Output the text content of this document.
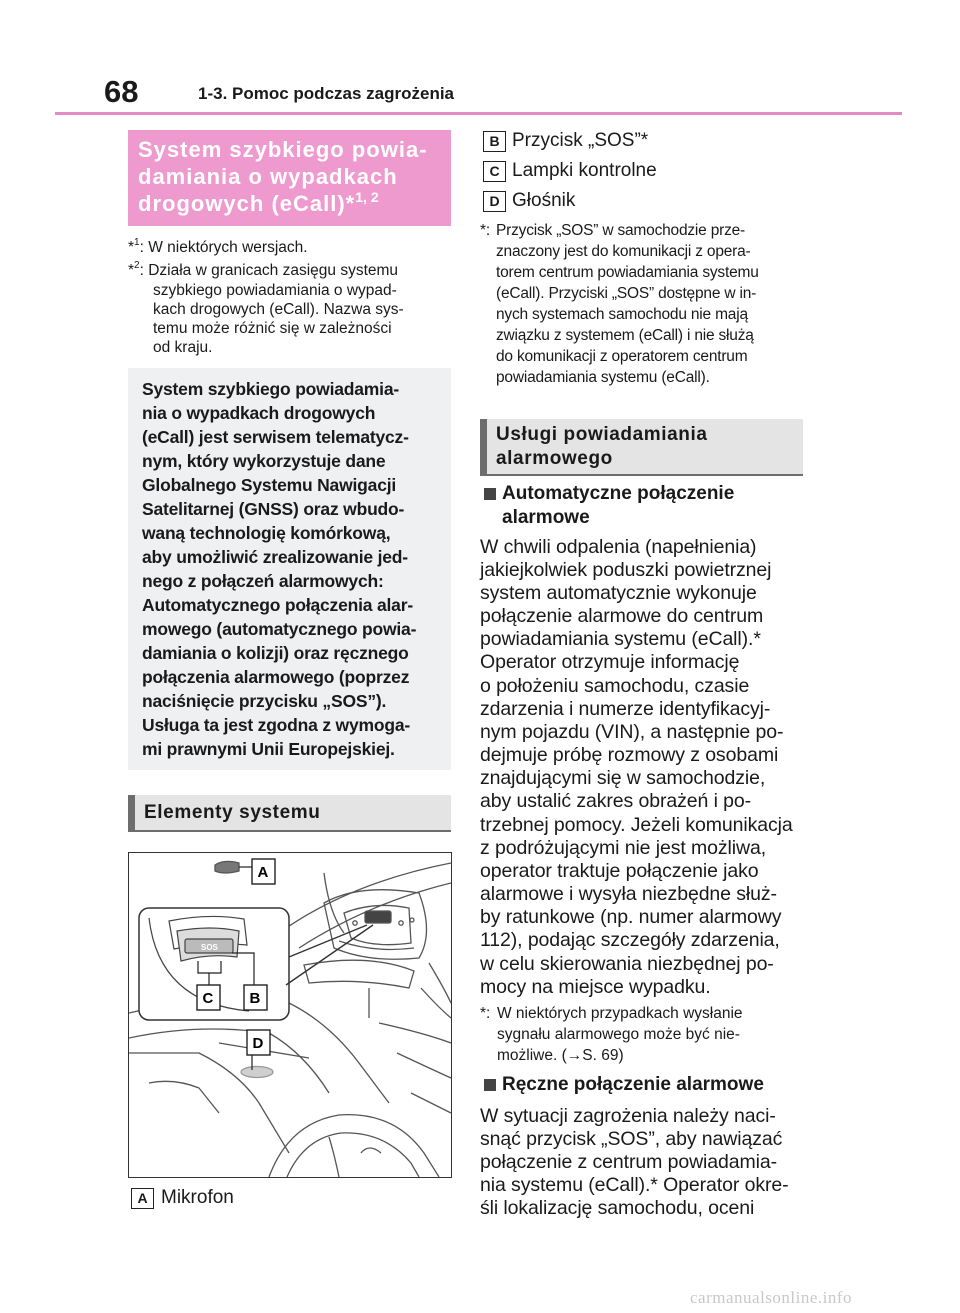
68	1-3. Pomoc podczas zagrożenia
System szybkiego powia-
damiania o wypadkach
drogowych (eCall)*$^{1, 2}$
*$^1$: W niektórych wersjach.
*$^2$: Działa w granicach zasięgu systemu
szybkiego powiadamiania o wypad-
kach drogowych (eCall). Nazwa sys-
temu może różnić się w zależności
od kraju.
System szybkiego powiadamia-
nia o wypadkach drogowych
(eCall) jest serwisem telematycz-
nym, który wykorzystuje dane
Globalnego Systemu Nawigacji
Satelitarnej (GNSS) oraz wbudo-
waną technologię komórkową,
aby umożliwić zrealizowanie jed-
nego z połączeń alarmowych:
Automatycznego połączenia alar-
mowego (automatycznego powia-
damiania o kolizji) oraz ręcznego
połączenia alarmowego (poprzez
naciśnięcie przycisku „SOS”).
Usługa ta jest zgodna z wymoga-
mi prawnymi Unii Europejskiej.
Elementy systemu
SOS
A
B
C
D
A Mikrofon
B Przycisk „SOS”*
C Lampki kontrolne
D Głośnik
*: Przycisk „SOS” w samochodzie prze-
znaczony jest do komunikacji z opera-
torem centrum powiadamiania systemu
(eCall). Przyciski „SOS” dostępne w in-
nych systemach samochodu nie mają
związku z systemem (eCall) i nie służą
do komunikacji z operatorem centrum
powiadamiania systemu (eCall).
Usługi powiadamiania
alarmowego
Automatyczne połączenie
alarmowe
W chwili odpalenia (napełnienia)
jakiejkolwiek poduszki powietrznej
system automatycznie wykonuje
połączenie alarmowe do centrum
powiadamiania systemu (eCall).*
Operator otrzymuje informację
o położeniu samochodu, czasie
zdarzenia i numerze identyfikacyj-
nym pojazdu (VIN), a następnie po-
dejmuje próbę rozmowy z osobami
znajdującymi się w samochodzie,
aby ustalić zakres obrażeń i po-
trzebnej pomocy. Jeżeli komunikacja
z podróżującymi nie jest możliwa,
operator traktuje połączenie jako
alarmowe i wysyła niezbędne służ-
by ratunkowe (np. numer alarmowy
112), podając szczegóły zdarzenia,
w celu skierowania niezbędnej po-
mocy na miejsce wypadku.
*: W niektórych przypadkach wysłanie
sygnału alarmowego może być nie-
możliwe. (→S. 69)
Ręczne połączenie alarmowe
W sytuacji zagrożenia należy naci-
snąć przycisk „SOS”, aby nawiązać
połączenie z centrum powiadamia-
nia systemu (eCall).* Operator okre-
śli lokalizację samochodu, oceni
carmanualsonline.info
